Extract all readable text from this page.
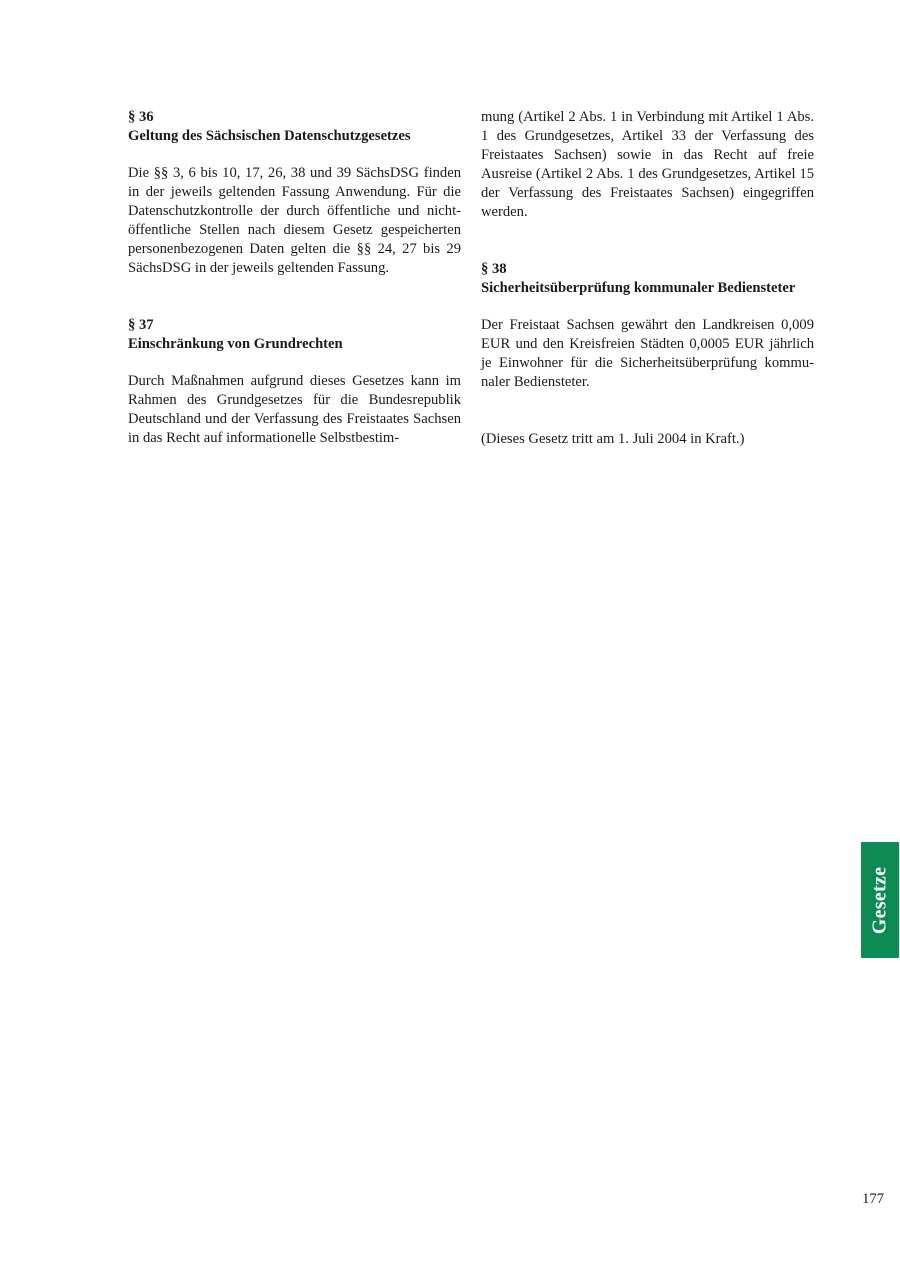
§ 36
Geltung des Sächsischen Datenschutzgesetzes

Die §§ 3, 6 bis 10, 17, 26, 38 und 39 SächsDSG finden in der jeweils geltenden Fassung Anwendung. Für die Datenschutzkontrolle der durch öffentliche und nichtöffentliche Stellen nach diesem Gesetz gespeicherten personenbezogenen Daten gelten die §§ 24, 27 bis 29 SächsDSG in der jeweils geltenden Fassung.

§ 37
Einschränkung von Grundrechten

Durch Maßnahmen aufgrund dieses Gesetzes kann im Rahmen des Grundgesetzes für die Bundesrepublik Deutschland und der Verfassung des Freistaates Sachsen in das Recht auf informationelle Selbstbestim-

mung (Artikel 2 Abs. 1 in Verbindung mit Artikel 1 Abs. 1 des Grundgesetzes, Artikel 33 der Verfassung des Freistaates Sachsen) sowie in das Recht auf freie Ausreise (Artikel 2 Abs. 1 des Grundgesetzes, Artikel 15 der Verfassung des Freistaates Sachsen) eingegriffen werden.

§ 38
Sicherheitsüberprüfung kommunaler Bediensteter

Der Freistaat Sachsen gewährt den Landkreisen 0,009 EUR und den Kreisfreien Städten 0,0005 EUR jährlich je Einwohner für die Sicherheitsüberprüfung kommunaler Bediensteter.

(Dieses Gesetz tritt am 1. Juli 2004 in Kraft.)

Gesetze
177
